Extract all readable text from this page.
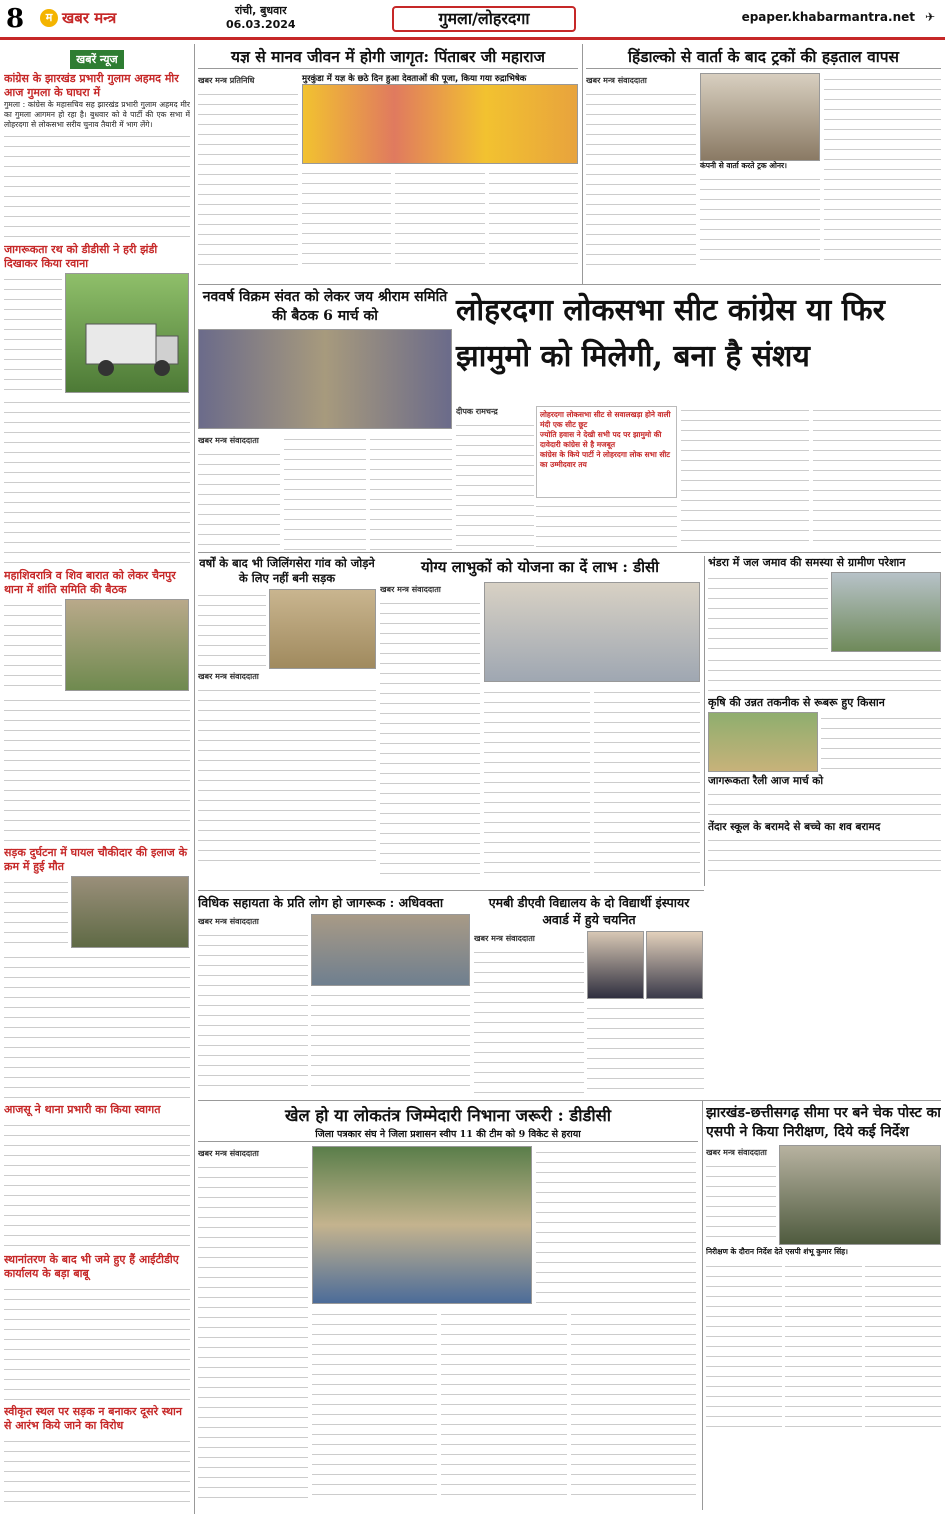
8	म खबर मन्त्र	रांची, बुधवार
06.03.2024	गुमला/लोहरदगा	epaper.khabarmantra.net ✈
खबरें न्यूज
कांग्रेस के झारखंड प्रभारी गुलाम अहमद मीर आज गुमला के घाघरा में
गुमला : कांग्रेस के महासचिव सह झारखंड प्रभारी गुलाम अहमद मीर का गुमला आगमन हो रहा है। बुधवार को वे पार्टी की एक सभा में लोहरदगा से लोकसभा सरीय चुनाव तैयारी में भाग लेंगे।
जागरूकता रथ को डीडीसी ने हरी झंडी दिखाकर किया रवाना
महाशिवरात्रि व शिव बारात को लेकर चैनपुर थाना में शांति समिति की बैठक
सड़क दुर्घटना में घायल चौकीदार की इलाज के क्रम में हुई मौत
आजसू ने थाना प्रभारी का किया स्वागत
स्थानांतरण के बाद भी जमे हुए हैं आईटीडीए कार्यालय के बड़ा बाबू
स्वीकृत स्थल पर सड़क न बनाकर दूसरे स्थान से आरंभ किये जाने का विरोध
यज्ञ से मानव जीवन में होगी जागृत: पिंताबर जी महाराज
खबर मन्त्र प्रतिनिधि	मुरकुंडा में यज्ञ के छठे दिन हुआ देवताओं की पूजा, किया गया रुद्राभिषेक
हिंडाल्को से वार्ता के बाद ट्रकों की हड़ताल वापस
खबर मन्त्र संवाददाता
कंपनी से वार्ता करते ट्रक ओनर।
नववर्ष विक्रम संवत को लेकर जय श्रीराम समिति की बैठक 6 मार्च को
खबर मन्त्र संवाददाता
लोहरदगा लोकसभा सीट कांग्रेस या फिर झामुमो को मिलेगी, बना है संशय
दीपक रामचन्द्र	लोहरदगा लोकसभा सीट से सवालखड़ा होने वाली मंदी एक सीट छूट
ज्योति हवास ने देखी सभी पद पर झामुमो की दावेदारी कांग्रेस से है मजबूत
कांग्रेस के किये पार्टी ने लोहरदगा लोक सभा सीट का उम्मीदवार तय
वर्षों के बाद भी जिलिंगसेरा गांव को जोड़ने के लिए नहीं बनी सड़क
खबर मन्त्र संवाददाता
योग्य लाभुकों को योजना का दें लाभ : डीसी
खबर मन्त्र संवाददाता
भंडरा में जल जमाव की समस्या से ग्रामीण परेशान
कृषि की उन्नत तकनीक से रूबरू हुए किसान
जागरूकता रैली आज मार्च को
तेंदार स्कूल के बरामदे से बच्चे का शव बरामद
विधिक सहायता के प्रति लोग हो जागरूक : अधिवक्ता
खबर मन्त्र संवाददाता
एमबी डीएवी विद्यालय के दो विद्यार्थी इंस्पायर अवार्ड में हुये चयनित
खबर मन्त्र संवाददाता
खेल हो या लोकतंत्र जिम्मेदारी निभाना जरूरी : डीडीसी
जिला पत्रकार संघ ने जिला प्रशासन स्वीप 11 की टीम को 9 विकेट से हराया
खबर मन्त्र संवाददाता
झारखंड-छत्तीसगढ़ सीमा पर बने चेक पोस्ट का एसपी ने किया निरीक्षण, दिये कई निर्देश
खबर मन्त्र संवाददाता
निरीक्षण के दौरान निर्देश देते एसपी शंभू कुमार सिंह।
